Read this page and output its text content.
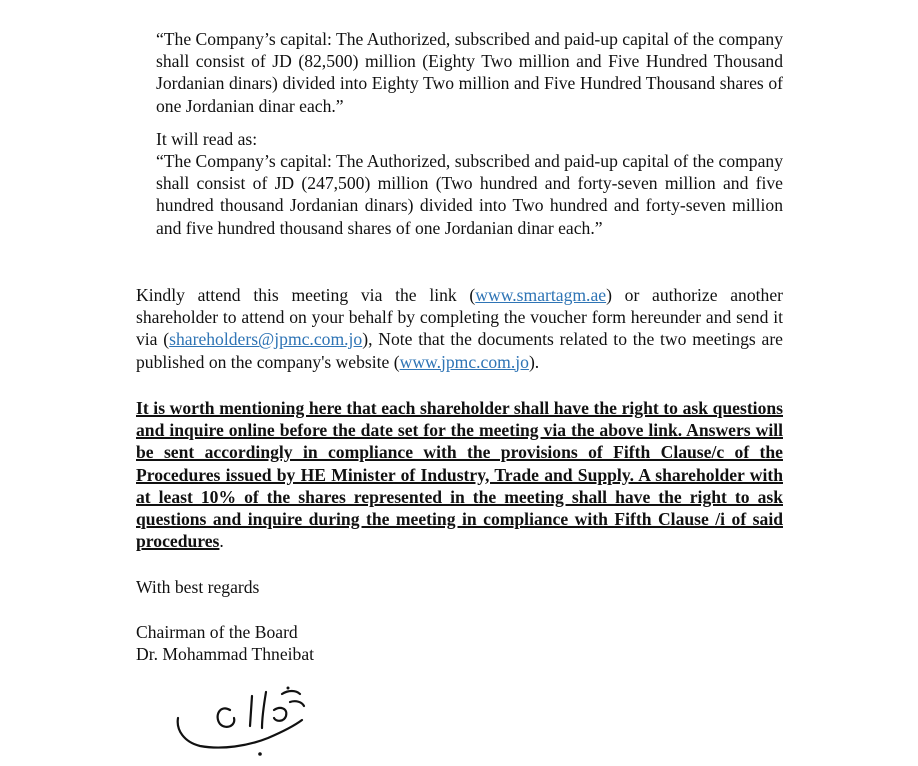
“The Company’s capital: The Authorized, subscribed and paid-up capital of the company shall consist of JD (82,500) million (Eighty Two million and Five Hundred Thousand Jordanian dinars) divided into Eighty Two million and Five Hundred Thousand shares of one Jordanian dinar each.”

It will read as:

“The Company’s capital: The Authorized, subscribed and paid-up capital of the company shall consist of JD (247,500) million (Two hundred and forty-seven million and five hundred thousand Jordanian dinars) divided into Two hundred and forty-seven million and five hundred thousand shares of one Jordanian dinar each.”

Kindly attend this meeting via the link (www.smartagm.ae) or authorize another shareholder to attend on your behalf by completing the voucher form hereunder and send it via (shareholders@jpmc.com.jo), Note that the documents related to the two meetings are published on the company's website (www.jpmc.com.jo).

It is worth mentioning here that each shareholder shall have the right to ask questions and inquire online before the date set for the meeting via the above link. Answers will be sent accordingly in compliance with the provisions of Fifth Clause/c of the Procedures issued by HE Minister of Industry, Trade and Supply. A shareholder with at least 10% of the shares represented in the meeting shall have the right to ask questions and inquire during the meeting in compliance with Fifth Clause /i of said procedures.

With best regards

Chairman of the Board
Dr. Mohammad Thneibat
